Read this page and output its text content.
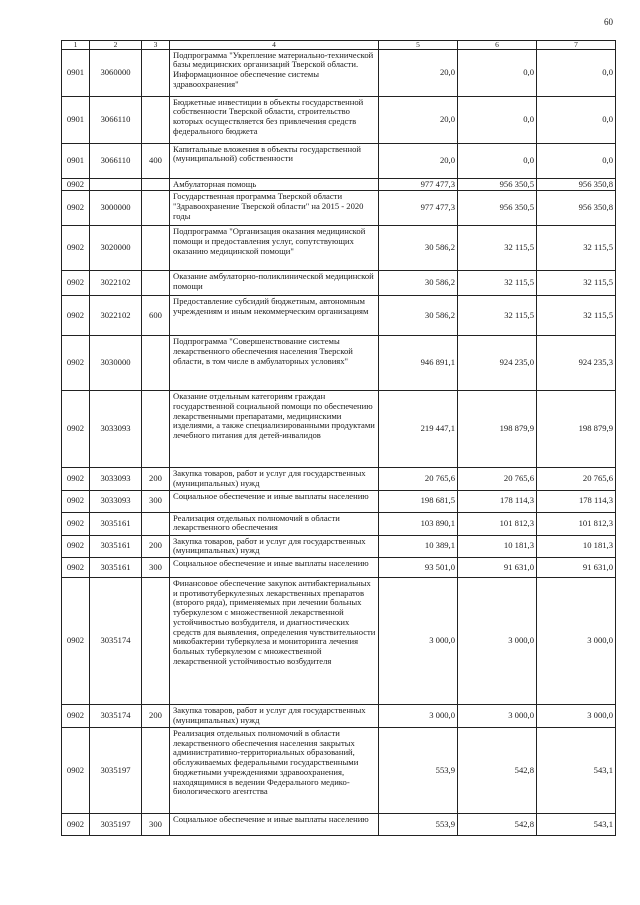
60
1	2	3	4	5	6	7
0901	3060000		Подпрограмма "Укрепление материально-технической базы медицинских организаций Тверской области. Информационное обеспечение системы здравоохранения"	20,0	0,0	0,0
0901	3066110		Бюджетные инвестиции в объекты государственной собственности Тверской области, строительство которых осуществляется без привлечения средств федерального бюджета	20,0	0,0	0,0
0901	3066110	400	Капитальные вложения в объекты государственной (муниципальной) собственности	20,0	0,0	0,0
0902			Амбулаторная помощь	977 477,3	956 350,5	956 350,8
0902	3000000		Государственная программа Тверской области "Здравоохранение Тверской области" на 2015 - 2020 годы	977 477,3	956 350,5	956 350,8
0902	3020000		Подпрограмма "Организация оказания медицинской помощи и предоставления услуг, сопутствующих оказанию медицинской помощи"	30 586,2	32 115,5	32 115,5
0902	3022102		Оказание амбулаторно-поликлинической медицинской помощи	30 586,2	32 115,5	32 115,5
0902	3022102	600	Предоставление субсидий бюджетным, автономным учреждениям и иным некоммерческим организациям	30 586,2	32 115,5	32 115,5
0902	3030000		Подпрограмма "Совершенствование системы лекарственного обеспечения населения Тверской области, в том числе в амбулаторных условиях"	946 891,1	924 235,0	924 235,3
0902	3033093		Оказание отдельным категориям граждан государственной социальной помощи по обеспечению лекарственными препаратами, медицинскими изделиями, а также специализированными продуктами лечебного питания для детей-инвалидов	219 447,1	198 879,9	198 879,9
0902	3033093	200	Закупка товаров, работ и услуг для государственных (муниципальных) нужд	20 765,6	20 765,6	20 765,6
0902	3033093	300	Социальное обеспечение и иные выплаты населению	198 681,5	178 114,3	178 114,3
0902	3035161		Реализация отдельных полномочий в области лекарственного обеспечения	103 890,1	101 812,3	101 812,3
0902	3035161	200	Закупка товаров, работ и услуг для государственных (муниципальных) нужд	10 389,1	10 181,3	10 181,3
0902	3035161	300	Социальное обеспечение и иные выплаты населению	93 501,0	91 631,0	91 631,0
0902	3035174		Финансовое обеспечение закупок антибактериальных и противотуберкулезных лекарственных препаратов (второго ряда), применяемых при лечении больных туберкулезом с множественной лекарственной устойчивостью возбудителя, и диагностических средств для выявления, определения чувствительности микобактерии туберкулеза и мониторинга лечения больных туберкулезом с множественной лекарственной устойчивостью возбудителя	3 000,0	3 000,0	3 000,0
0902	3035174	200	Закупка товаров, работ и услуг для государственных (муниципальных) нужд	3 000,0	3 000,0	3 000,0
0902	3035197		Реализация отдельных полномочий в области лекарственного обеспечения населения закрытых административно-территориальных образований, обслуживаемых федеральными государственными бюджетными учреждениями здравоохранения, находящимися в ведении Федерального медико-биологического агентства	553,9	542,8	543,1
0902	3035197	300	Социальное обеспечение и иные выплаты населению	553,9	542,8	543,1
